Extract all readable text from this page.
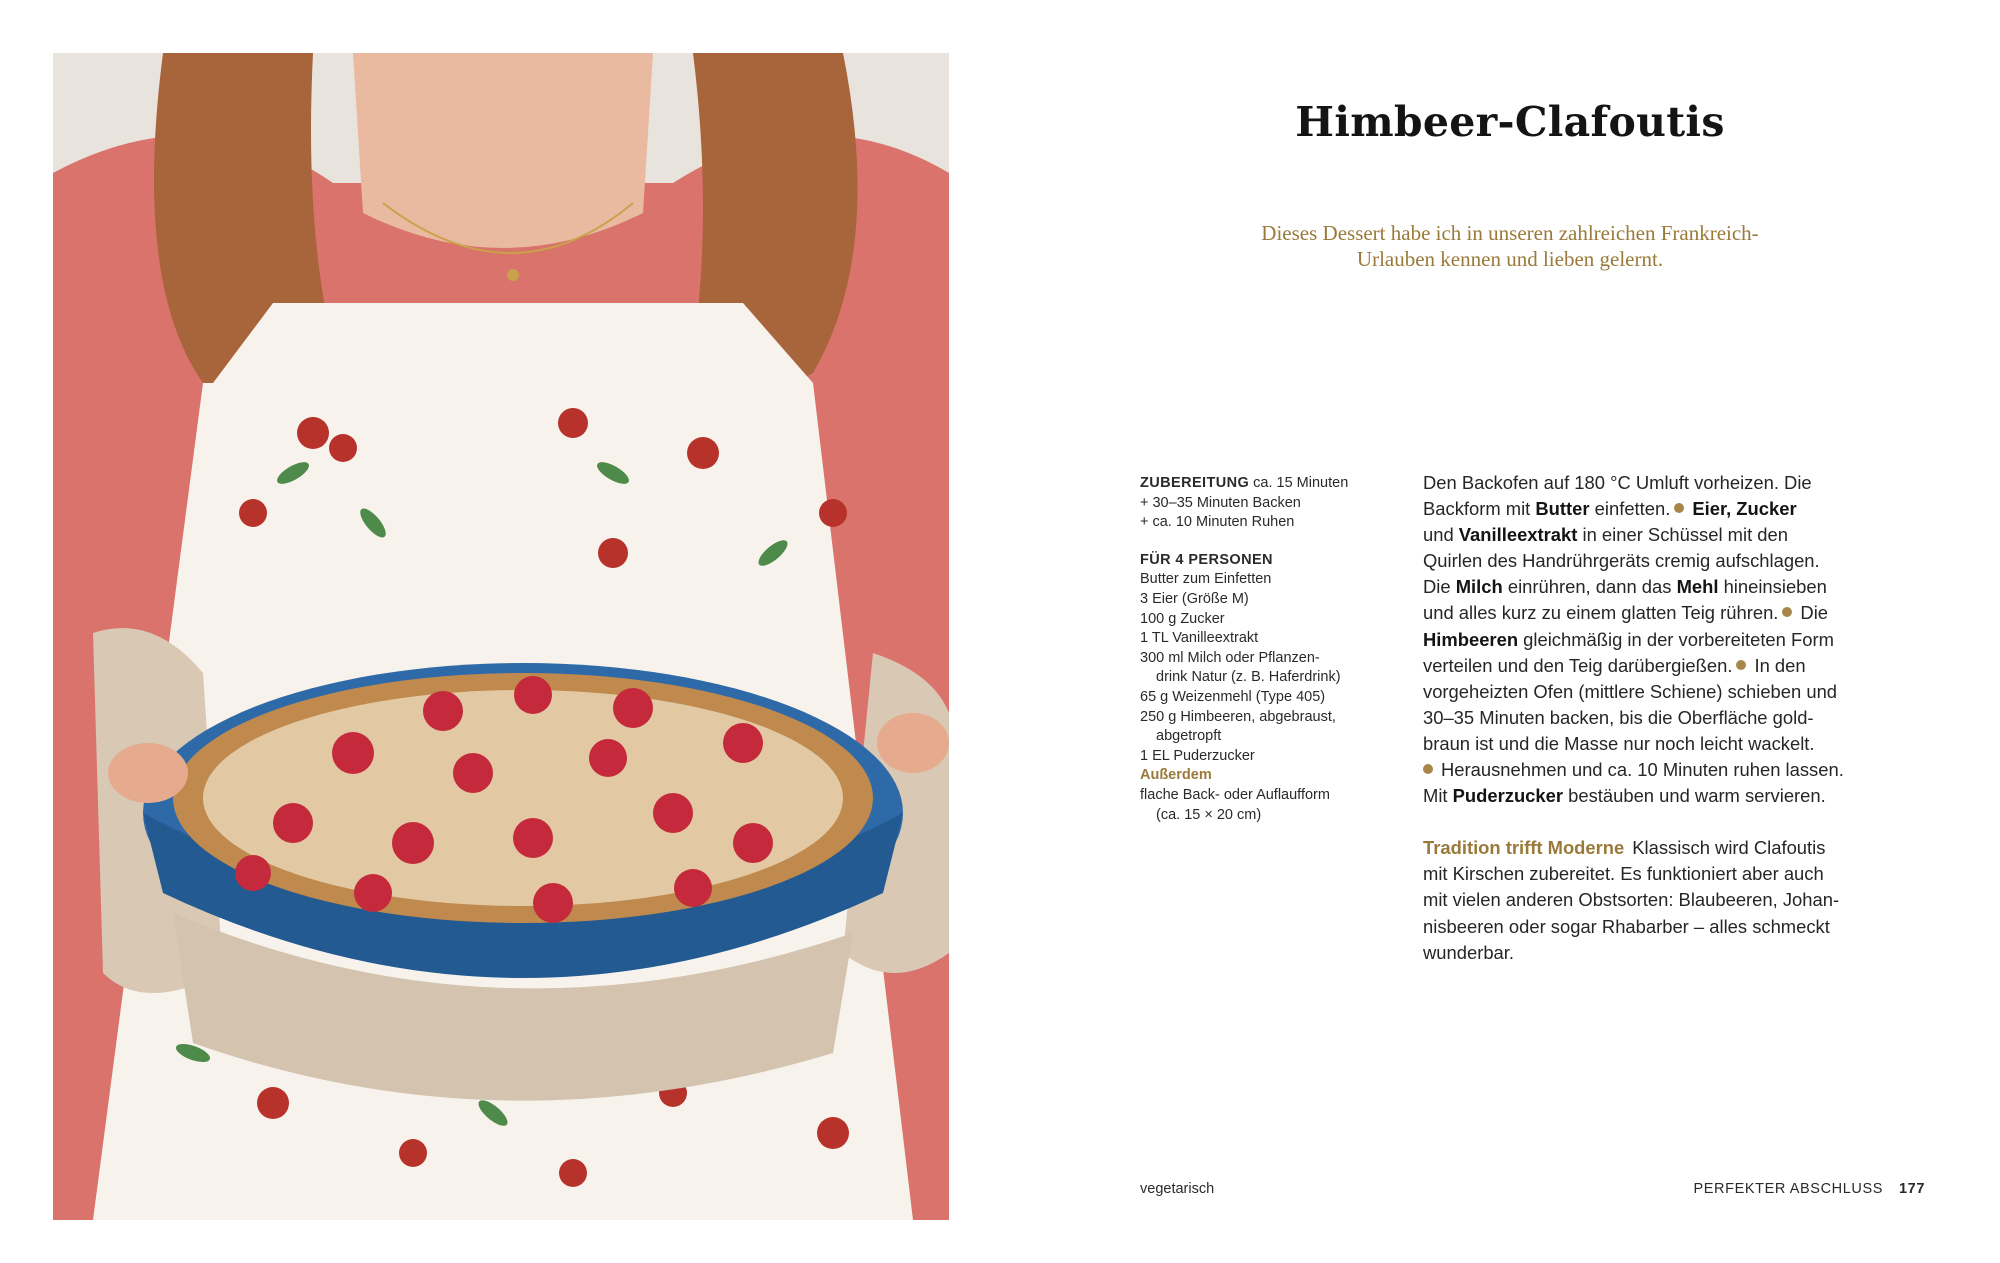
Himbeer-Clafoutis
Dieses Dessert habe ich in unseren zahlreichen Frankreich-
Urlauben kennen und lieben gelernt.
ZUBEREITUNG ca. 15 Minuten
+ 30–35 Minuten Backen
+ ca. 10 Minuten Ruhen
FÜR 4 PERSONEN
Butter zum Einfetten
3 Eier (Größe M)
100 g Zucker
1 TL Vanilleextrakt
300 ml Milch oder Pflanzen-
drink Natur (z. B. Haferdrink)
65 g Weizenmehl (Type 405)
250 g Himbeeren, abgebraust,
abgetropft
1 EL Puderzucker
Außerdem
flache Back- oder Auflaufform
(ca. 15 × 20 cm)
Den Backofen auf 180 °C Umluft vorheizen. Die
Backform mit Butter einfetten. Eier, Zucker
und Vanilleextrakt in einer Schüssel mit den
Quirlen des Handrührgeräts cremig aufschlagen.
Die Milch einrühren, dann das Mehl hineinsieben
und alles kurz zu einem glatten Teig rühren. Die
Himbeeren gleichmäßig in der vorbereiteten Form
verteilen und den Teig darübergießen. In den
vorgeheizten Ofen (mittlere Schiene) schieben und
30–35 Minuten backen, bis die Oberfläche gold-
braun ist und die Masse nur noch leicht wackelt.
Herausnehmen und ca. 10 Minuten ruhen lassen.
Mit Puderzucker bestäuben und warm servieren.
Tradition trifft Moderne Klassisch wird Clafoutis
mit Kirschen zubereitet. Es funktioniert aber auch
mit vielen anderen Obstsorten: Blaubeeren, Johan-
nisbeeren oder sogar Rhabarber – alles schmeckt
wunderbar.
vegetarisch	PERFEKTER ABSCHLUSS 177
